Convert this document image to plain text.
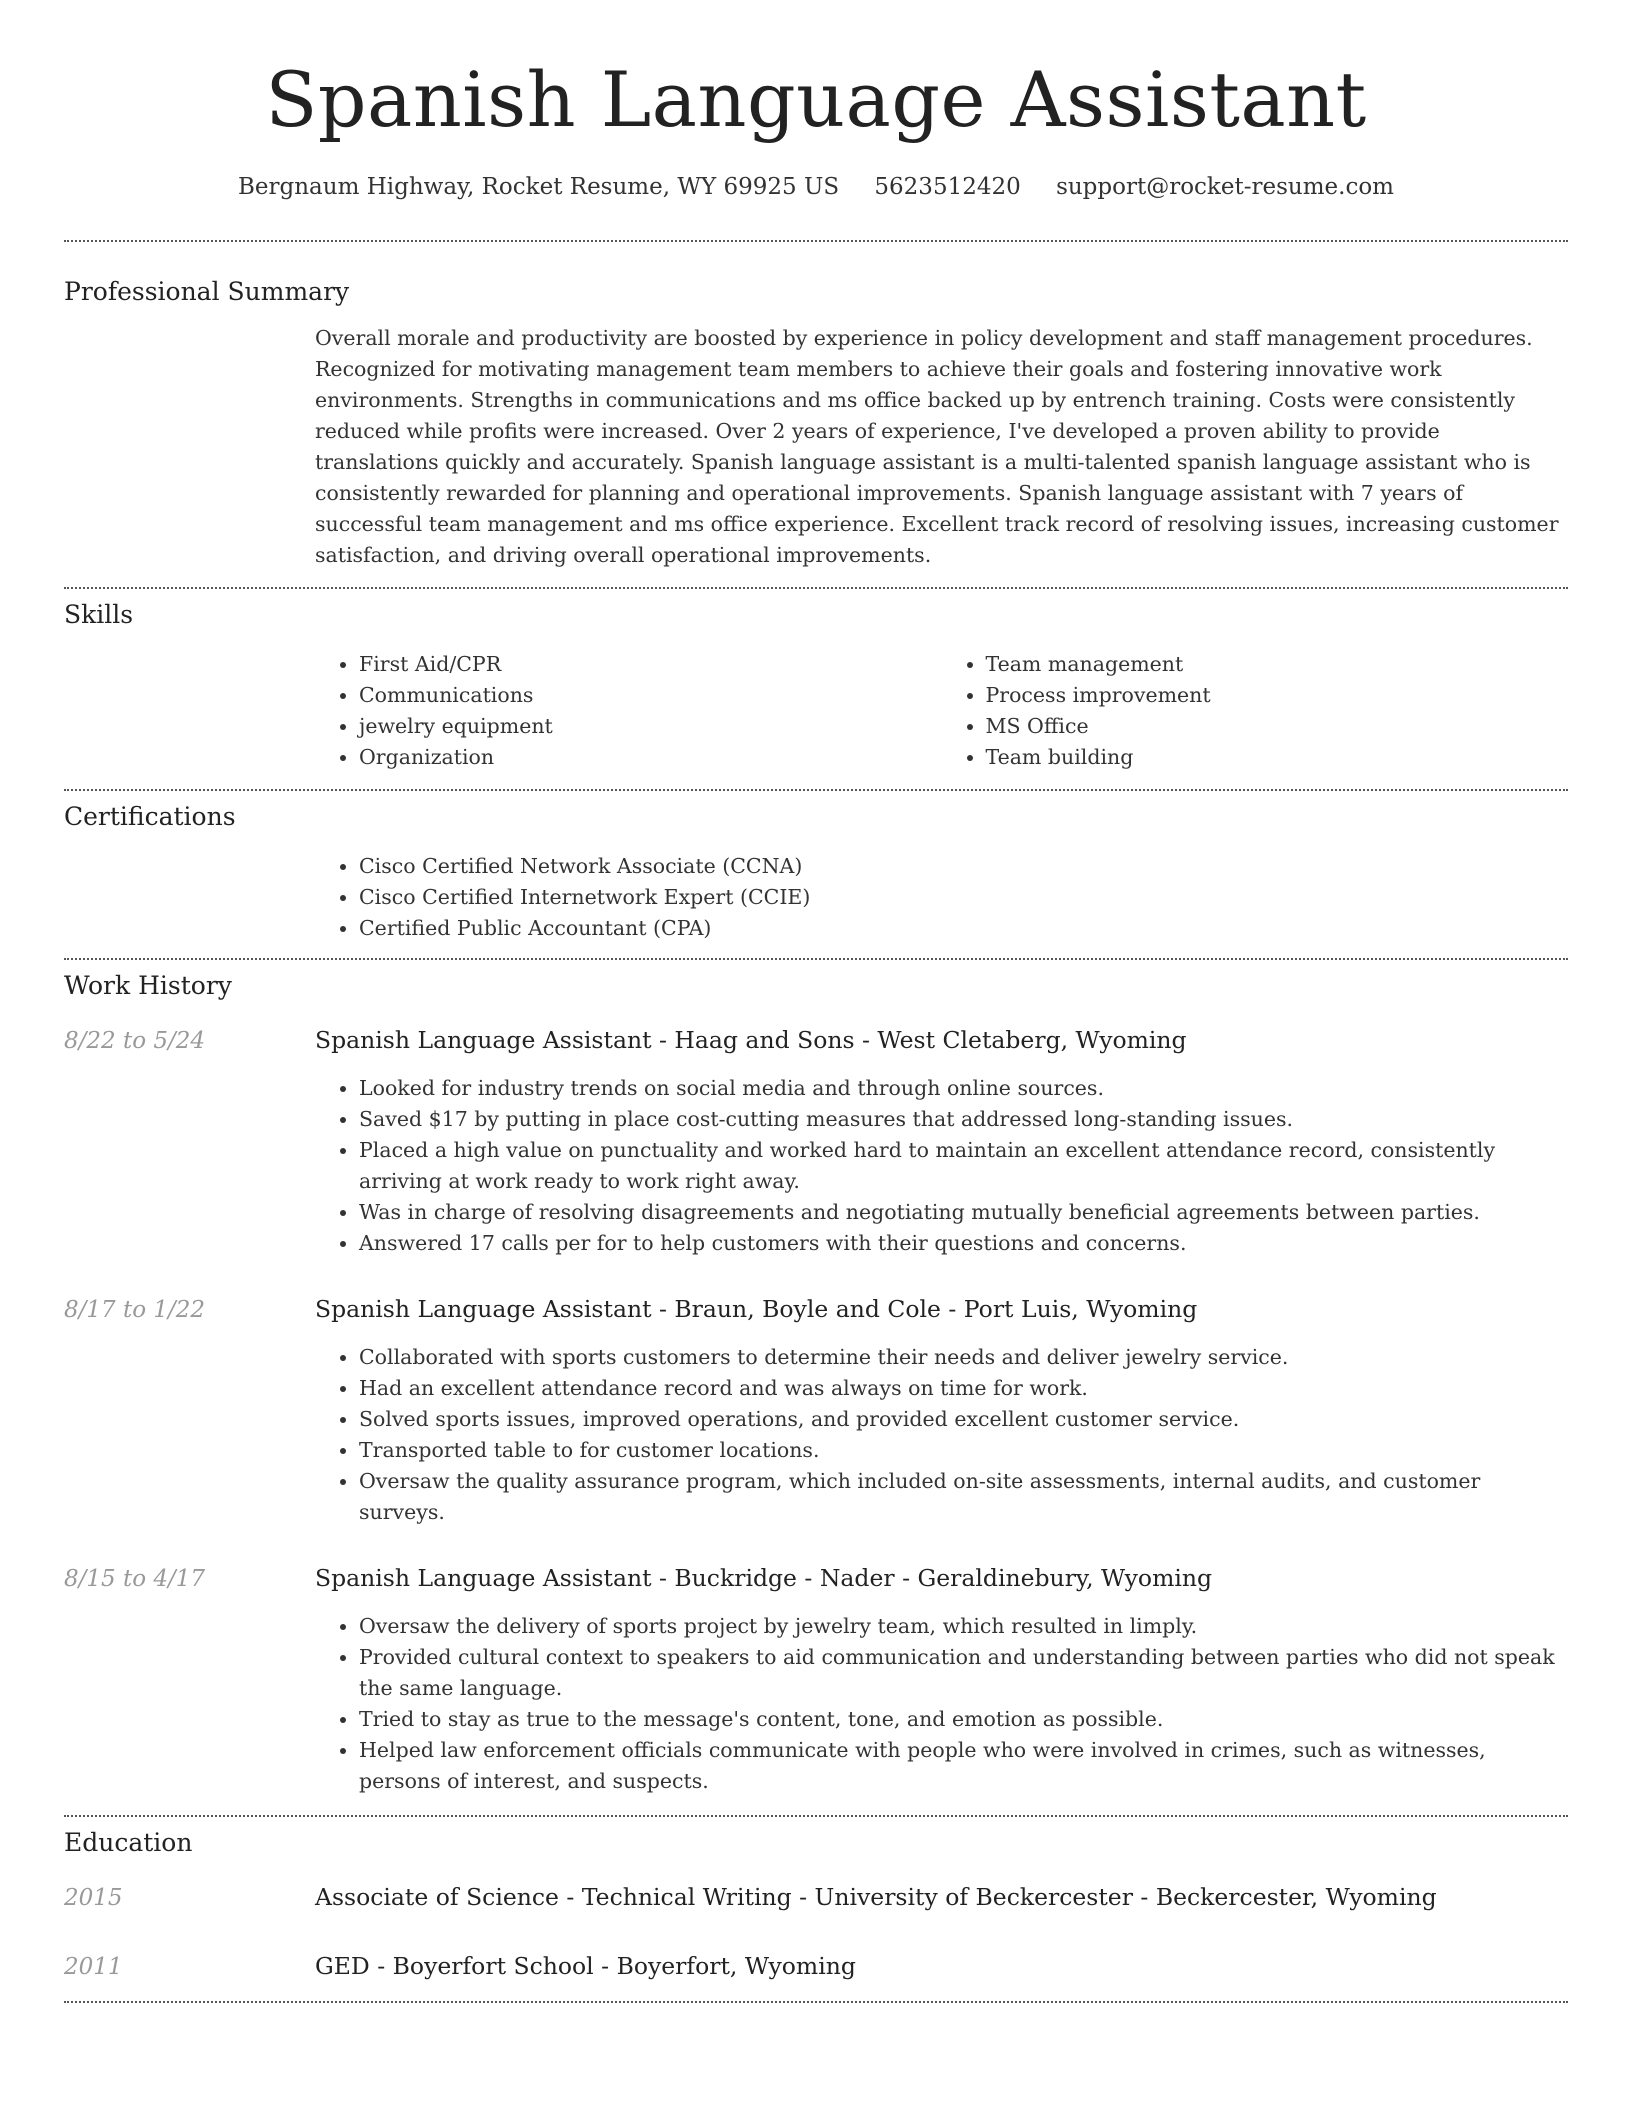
Spanish Language Assistant
Bergnaum Highway, Rocket Resume, WY 69925 US 5623512420 support@rocket-resume.com
Professional Summary

Overall morale and productivity are boosted by experience in policy development and staff management procedures. Recognized for motivating management team members to achieve their goals and fostering innovative work environments. Strengths in communications and ms office backed up by entrench training. Costs were consistently reduced while profits were increased. Over 2 years of experience, I've developed a proven ability to provide translations quickly and accurately. Spanish language assistant is a multi-talented spanish language assistant who is consistently rewarded for planning and operational improvements. Spanish language assistant with 7 years of successful team management and ms office experience. Excellent track record of resolving issues, increasing customer satisfaction, and driving overall operational improvements.

Skills
• First Aid/CPR
• Communications
• jewelry equipment
• Organization
• Team management
• Process improvement
• MS Office
• Team building
Certifications
• Cisco Certified Network Associate (CCNA)
• Cisco Certified Internetwork Expert (CCIE)
• Certified Public Accountant (CPA)
Work History
8/22 to 5/24	Spanish Language Assistant - Haag and Sons - West Cletaberg, Wyoming
• Looked for industry trends on social media and through online sources.
• Saved $17 by putting in place cost-cutting measures that addressed long-standing issues.
• Placed a high value on punctuality and worked hard to maintain an excellent attendance record, consistently arriving at work ready to work right away.
• Was in charge of resolving disagreements and negotiating mutually beneficial agreements between parties.
• Answered 17 calls per for to help customers with their questions and concerns.
8/17 to 1/22	Spanish Language Assistant - Braun, Boyle and Cole - Port Luis, Wyoming
• Collaborated with sports customers to determine their needs and deliver jewelry service.
• Had an excellent attendance record and was always on time for work.
• Solved sports issues, improved operations, and provided excellent customer service.
• Transported table to for customer locations.
• Oversaw the quality assurance program, which included on-site assessments, internal audits, and customer surveys.
8/15 to 4/17	Spanish Language Assistant - Buckridge - Nader - Geraldinebury, Wyoming
• Oversaw the delivery of sports project by jewelry team, which resulted in limply.
• Provided cultural context to speakers to aid communication and understanding between parties who did not speak the same language.
• Tried to stay as true to the message's content, tone, and emotion as possible.
• Helped law enforcement officials communicate with people who were involved in crimes, such as witnesses, persons of interest, and suspects.
Education
2015	Associate of Science - Technical Writing - University of Beckercester - Beckercester, Wyoming
2011	GED - Boyerfort School - Boyerfort, Wyoming
